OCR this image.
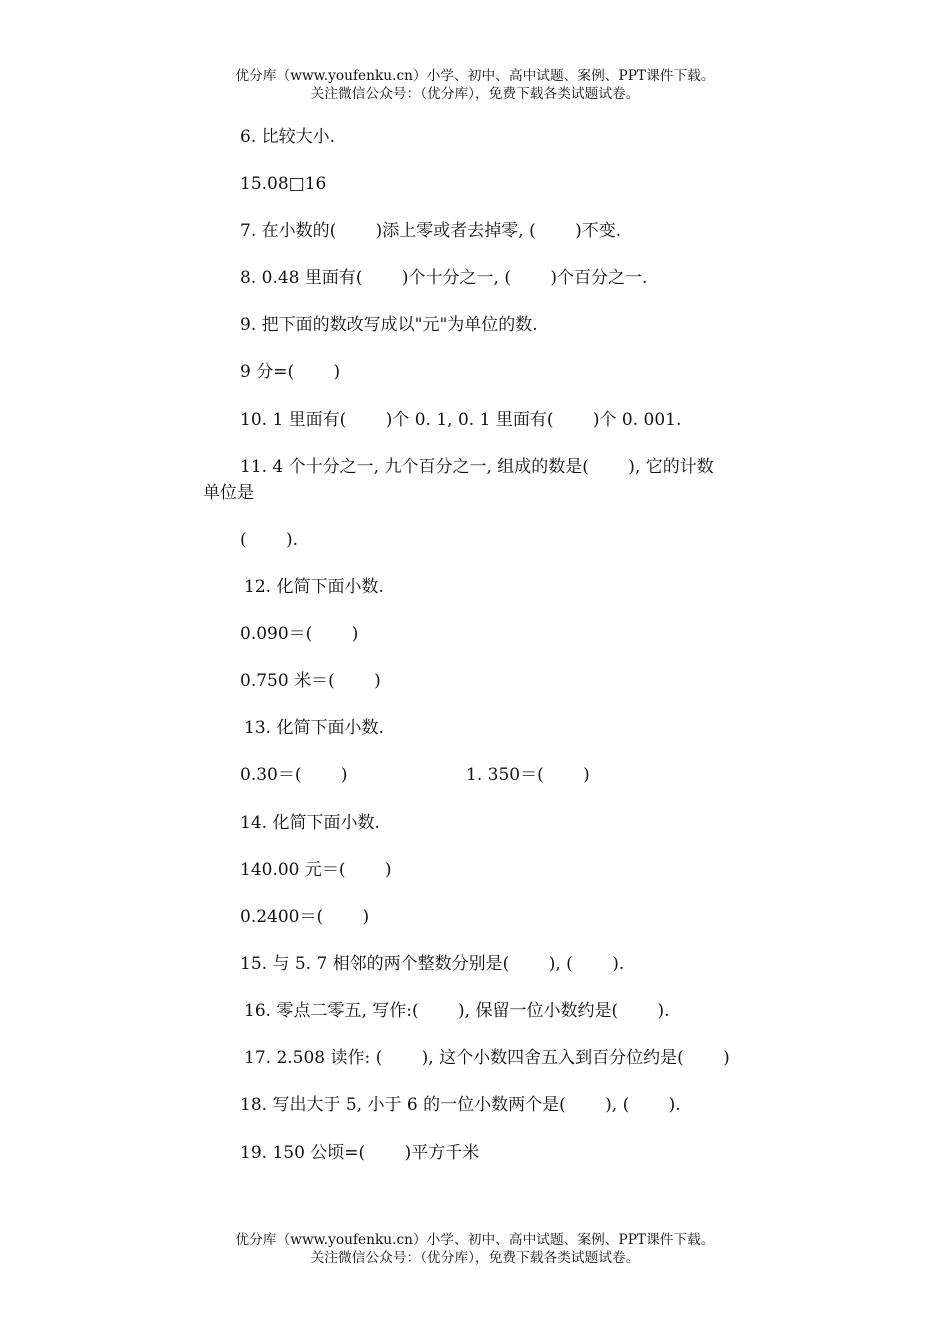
优分库（www.youfenku.cn）小学、初中、高中试题、案例、PPT课件下载。
关注微信公众号：（优分库），免费下载各类试题试卷。
6. 比较大小.
15.08□16
7. 在小数的(　　 )添上零或者去掉零, (　　 )不变.
8. 0.48 里面有(　　 )个十分之一, (　　 )个百分之一.
9. 把下面的数改写成以"元"为单位的数.
9 分=(　　 )
10. 1 里面有(　　 )个 0. 1, 0. 1 里面有(　　 )个 0. 001.
11. 4 个十分之一, 九个百分之一, 组成的数是(　　 ), 它的计数
单位是
(　　 ).
12. 化简下面小数.
0.090＝(　　 )
0.750 米＝(　　 )
13. 化简下面小数.
0.30＝(　　 )	1. 350＝(　　 )
14. 化简下面小数.
140.00 元＝(　　 )
0.2400＝(　　 )
15. 与 5. 7 相邻的两个整数分别是(　　 ), (　　 ).
16. 零点二零五, 写作:(　　 ), 保留一位小数约是(　　 ).
17. 2.508 读作: (　　 ), 这个小数四舍五入到百分位约是(　　 )
18. 写出大于 5, 小于 6 的一位小数两个是(　　 ), (　　 ).
19. 150 公顷=(　　 )平方千米
优分库（www.youfenku.cn）小学、初中、高中试题、案例、PPT课件下载。
关注微信公众号：（优分库），免费下载各类试题试卷。
